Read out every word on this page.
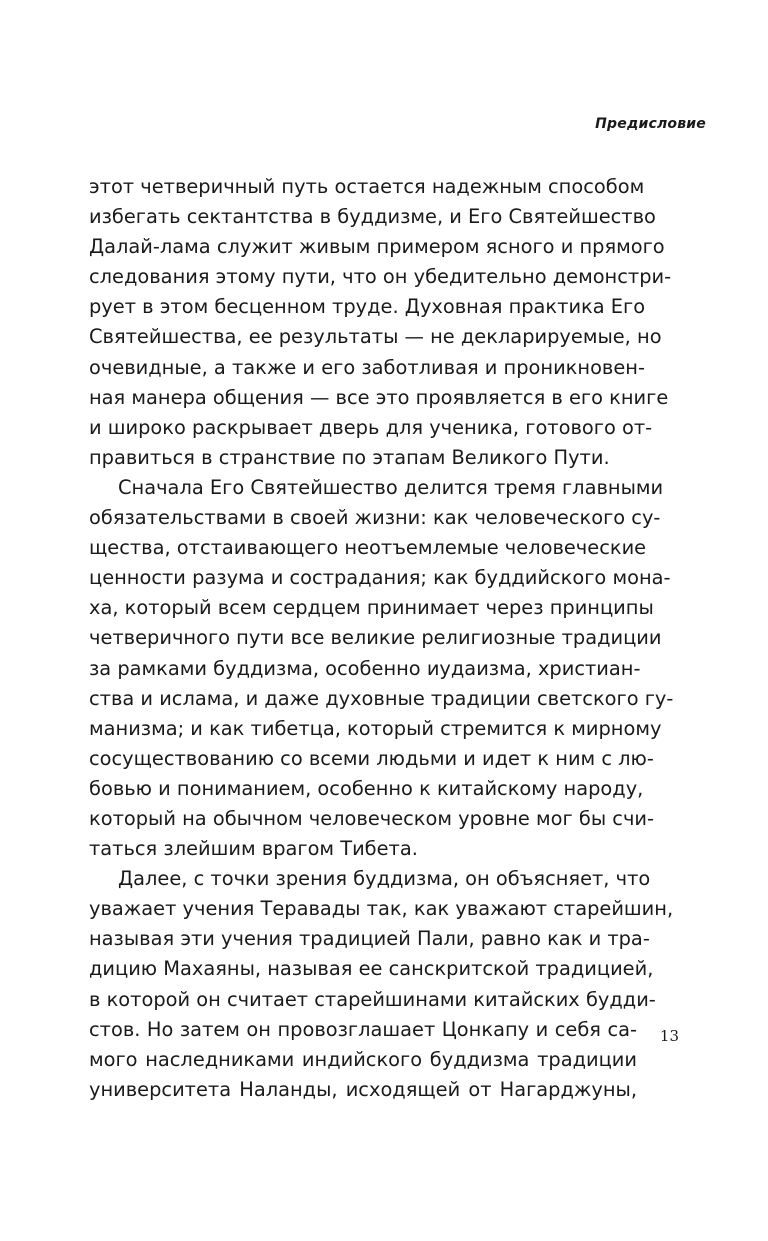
Предисловие
этот четверичный путь остается надежным способом
избегать сектантства в буддизме, и Его Святейшество
Далай-лама служит живым примером ясного и прямого
следования этому пути, что он убедительно демонстри-
рует в этом бесценном труде. Духовная практика Его
Святейшества, ее результаты — не декларируемые, но
очевидные, а также и его заботливая и проникновен-
ная манера общения — все это проявляется в его книге
и широко раскрывает дверь для ученика, готового от-
правиться в странствие по этапам Великого Пути.
Сначала Его Святейшество делится тремя главными
обязательствами в своей жизни: как человеческого су-
щества, отстаивающего неотъемлемые человеческие
ценности разума и сострадания; как буддийского мона-
ха, который всем сердцем принимает через принципы
четверичного пути все великие религиозные традиции
за рамками буддизма, особенно иудаизма, христиан-
ства и ислама, и даже духовные традиции светского гу-
манизма; и как тибетца, который стремится к мирному
сосуществованию со всеми людьми и идет к ним с лю-
бовью и пониманием, особенно к китайскому народу,
который на обычном человеческом уровне мог бы счи-
таться злейшим врагом Тибета.
Далее, с точки зрения буддизма, он объясняет, что
уважает учения Теравады так, как уважают старейшин,
называя эти учения традицией Пали, равно как и тра-
дицию Махаяны, называя ее санскритской традицией,
в которой он считает старейшинами китайских будди-
стов. Но затем он провозглашает Цонкапу и себя са-
мого наследниками индийского буддизма традиции
университета Наланды, исходящей от Нагарджуны,
13
